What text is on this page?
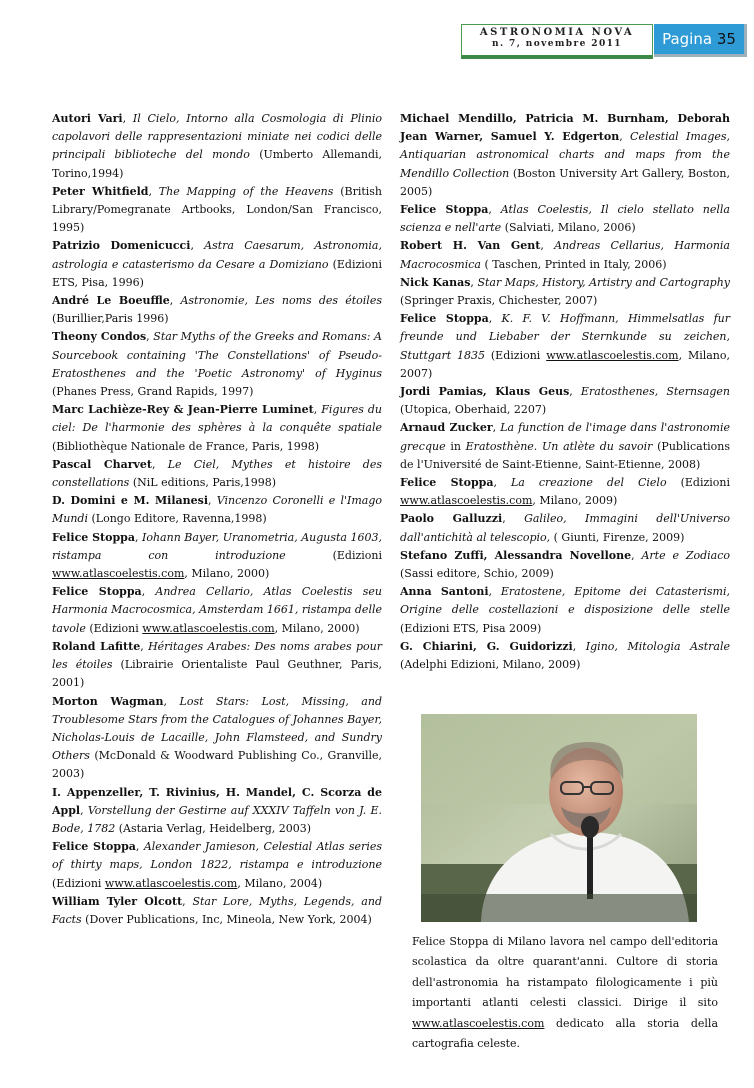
ASTRONOMIA NOVA
n. 7, novembre 2011	Pagina 35

Autori Vari, Il Cielo, Intorno alla Cosmologia di Plinio capolavori delle rappresentazioni miniate nei codici delle principali biblioteche del mondo (Umberto Allemandi, Torino,1994)

Peter Whitfield, The Mapping of the Heavens (British Library/Pomegranate Artbooks, London/San Francisco, 1995)

Patrizio Domenicucci, Astra Caesarum, Astronomia, astrologia e catasterismo da Cesare a Domiziano (Edizioni ETS, Pisa, 1996)

André Le Boeuffle, Astronomie, Les noms des étoiles (Burillier,Paris 1996)

Theony Condos, Star Myths of the Greeks and Romans: A Sourcebook containing 'The Constellations' of Pseudo-Eratosthenes and the 'Poetic Astronomy' of Hyginus (Phanes Press, Grand Rapids, 1997)

Marc Lachièze-Rey & Jean-Pierre Luminet, Figures du ciel: De l'harmonie des sphères à la conquête spatiale (Bibliothèque Nationale de France, Paris, 1998)

Pascal Charvet, Le Ciel, Mythes et histoire des constellations (NiL editions, Paris,1998)

D. Domini e M. Milanesi, Vincenzo Coronelli e l'Imago Mundi (Longo Editore, Ravenna,1998)

Felice Stoppa, Iohann Bayer, Uranometria, Augusta 1603, ristampa con introduzione	(Edizioni www.atlascoelestis.com, Milano, 2000)

Felice Stoppa, Andrea Cellario, Atlas Coelestis seu Harmonia Macrocosmica, Amsterdam 1661, ristampa delle tavole (Edizioni www.atlascoelestis.com, Milano, 2000)

Roland Lafitte, Héritages Arabes: Des noms arabes pour les étoiles (Librairie Orientaliste Paul Geuthner, Paris, 2001)

Morton Wagman, Lost Stars: Lost, Missing, and Troublesome Stars from the Catalogues of Johannes Bayer, Nicholas-Louis de Lacaille, John Flamsteed, and Sundry Others (McDonald & Woodward Publishing Co., Granville, 2003)

I. Appenzeller, T. Rivinius, H. Mandel, C. Scorza de Appl, Vorstellung der Gestirne auf XXXIV Taffeln von J. E. Bode, 1782 (Astaria Verlag, Heidelberg, 2003)

Felice Stoppa, Alexander Jamieson, Celestial Atlas series of thirty maps, London 1822, ristampa e introduzione (Edizioni www.atlascoelestis.com, Milano, 2004)

William Tyler Olcott, Star Lore, Myths, Legends, and Facts (Dover Publications, Inc, Mineola, New York, 2004)

Michael Mendillo, Patricia M. Burnham, Deborah Jean Warner, Samuel Y. Edgerton, Celestial Images, Antiquarian astronomical charts and maps from the Mendillo Collection (Boston University Art Gallery, Boston, 2005)

Felice Stoppa, Atlas Coelestis, Il cielo stellato nella scienza e nell'arte (Salviati, Milano, 2006)

Robert H. Van Gent, Andreas Cellarius, Harmonia Macrocosmica ( Taschen, Printed in Italy, 2006)

Nick Kanas, Star Maps, History, Artistry and Cartography (Springer Praxis, Chichester, 2007)

Felice Stoppa, K. F. V. Hoffmann, Himmelsatlas fur freunde und Liebaber der Sternkunde su zeichen, Stuttgart 1835 (Edizioni www.atlascoelestis.com, Milano, 2007)

Jordi Pamias, Klaus Geus, Eratosthenes, Sternsagen (Utopica, Oberhaid, 2207)

Arnaud Zucker, La function de l'image dans l'astronomie grecque in Eratosthène. Un atlète du savoir (Publications de l'Université de Saint-Etienne, Saint-Etienne, 2008)

Felice Stoppa, La creazione del Cielo (Edizioni www.atlascoelestis.com, Milano, 2009)

Paolo Galluzzi, Galileo, Immagini dell'Universo dall'antichità al telescopio, ( Giunti, Firenze, 2009)

Stefano Zuffi, Alessandra Novellone, Arte e Zodiaco (Sassi editore, Schio, 2009)

Anna Santoni, Eratostene, Epitome dei Catasterismi, Origine delle costellazioni e disposizione delle stelle (Edizioni ETS, Pisa 2009)

G. Chiarini, G. Guidorizzi, Igino, Mitologia Astrale (Adelphi Edizioni, Milano, 2009)

Felice Stoppa di Milano lavora nel campo dell'editoria scolastica da oltre quarant'anni. Cultore di storia dell'astronomia ha ristampato filologicamente i più importanti atlanti celesti classici. Dirige il sito www.atlascoelestis.com dedicato alla storia della cartografia celeste.
